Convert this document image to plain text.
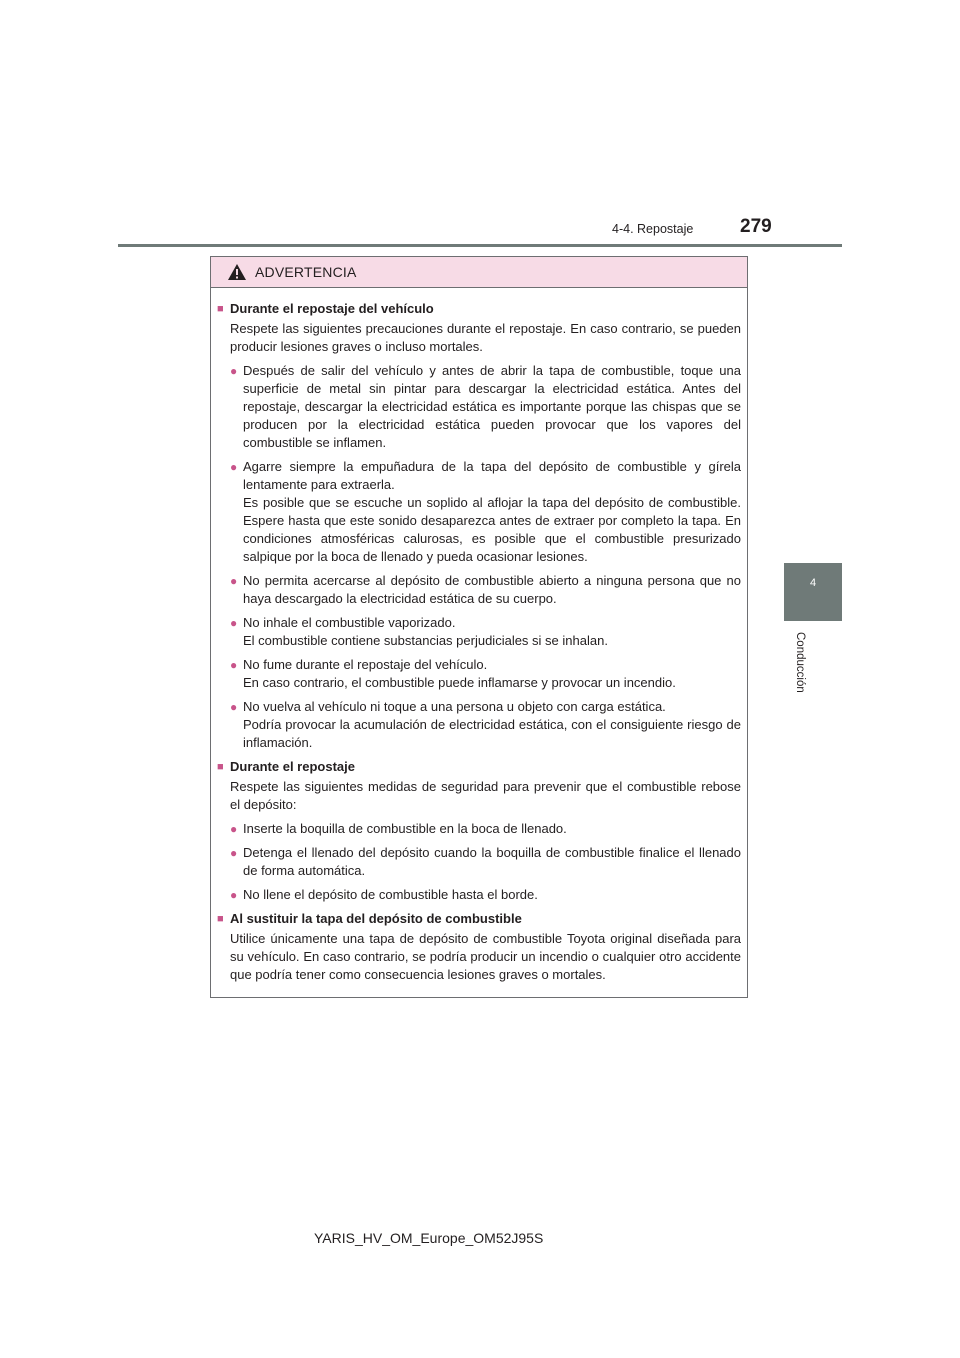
4-4. Repostaje 279
4
Conducción
ADVERTENCIA
■ Durante el repostaje del vehículo
Respete las siguientes precauciones durante el repostaje. En caso contrario, se pueden producir lesiones graves o incluso mortales.
● Después de salir del vehículo y antes de abrir la tapa de combustible, toque una superficie de metal sin pintar para descargar la electricidad estática. Antes del repostaje, descargar la electricidad estática es importante porque las chispas que se producen por la electricidad estática pueden provocar que los vapores del combustible se inflamen.
● Agarre siempre la empuñadura de la tapa del depósito de combustible y gírela lentamente para extraerla.
Es posible que se escuche un soplido al aflojar la tapa del depósito de combustible. Espere hasta que este sonido desaparezca antes de extraer por completo la tapa. En condiciones atmosféricas calurosas, es posible que el combustible presurizado salpique por la boca de llenado y pueda ocasionar lesiones.
● No permita acercarse al depósito de combustible abierto a ninguna persona que no haya descargado la electricidad estática de su cuerpo.
● No inhale el combustible vaporizado.
El combustible contiene substancias perjudiciales si se inhalan.
● No fume durante el repostaje del vehículo.
En caso contrario, el combustible puede inflamarse y provocar un incendio.
● No vuelva al vehículo ni toque a una persona u objeto con carga estática.
Podría provocar la acumulación de electricidad estática, con el consiguiente riesgo de inflamación.
■ Durante el repostaje
Respete las siguientes medidas de seguridad para prevenir que el combustible rebose el depósito:
● Inserte la boquilla de combustible en la boca de llenado.
● Detenga el llenado del depósito cuando la boquilla de combustible finalice el llenado de forma automática.
● No llene el depósito de combustible hasta el borde.
■ Al sustituir la tapa del depósito de combustible
Utilice únicamente una tapa de depósito de combustible Toyota original diseñada para su vehículo. En caso contrario, se podría producir un incendio o cualquier otro accidente que podría tener como consecuencia lesiones graves o mortales.
YARIS_HV_OM_Europe_OM52J95S
